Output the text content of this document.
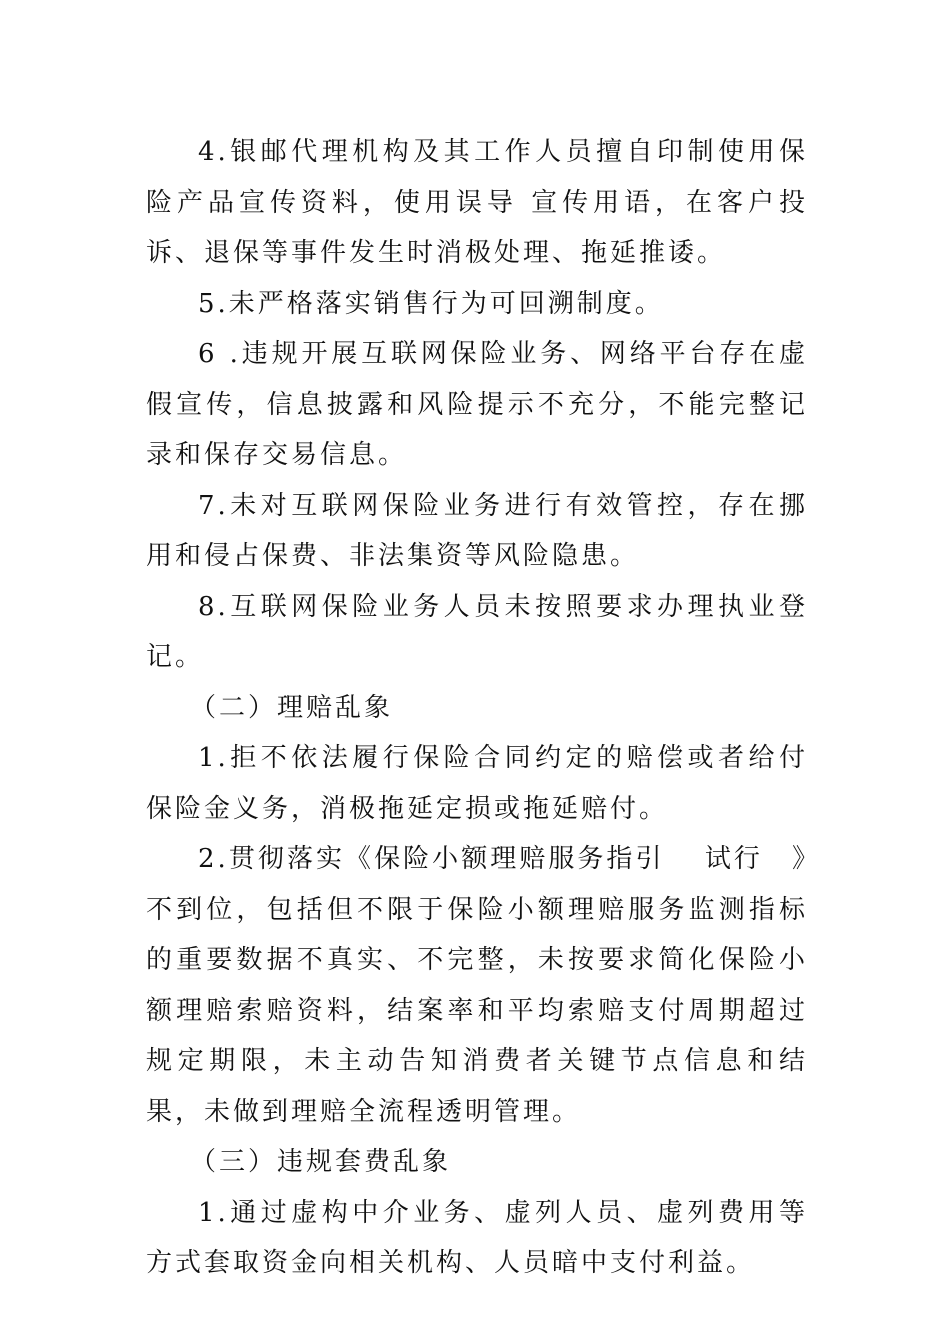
4.银邮代理机构及其工作人员擅自印制使用保险产品宣传资料，使用误导 宣传用语，在客户投诉、退保等事件发生时消极处理、拖延推诿。

5.未严格落实销售行为可回溯制度。

6 .违规开展互联网保险业务、网络平台存在虚假宣传，信息披露和风险提示不充分，不能完整记录和保存交易信息。

7.未对互联网保险业务进行有效管控，存在挪用和侵占保费、非法集资等风险隐患。

8.互联网保险业务人员未按照要求办理执业登记。

（二）理赔乱象

1.拒不依法履行保险合同约定的赔偿或者给付保险金义务，消极拖延定损或拖延赔付。

2.贯彻落实《保险小额理赔服务指引　 试行　》不到位，包括但不限于保险小额理赔服务监测指标的重要数据不真实、不完整，未按要求简化保险小额理赔索赔资料，结案率和平均索赔支付周期超过规定期限，未主动告知消费者关键节点信息和结果，未做到理赔全流程透明管理。

（三）违规套费乱象

1.通过虚构中介业务、虚列人员、虚列费用等方式套取资金向相关机构、人员暗中支付利益。
